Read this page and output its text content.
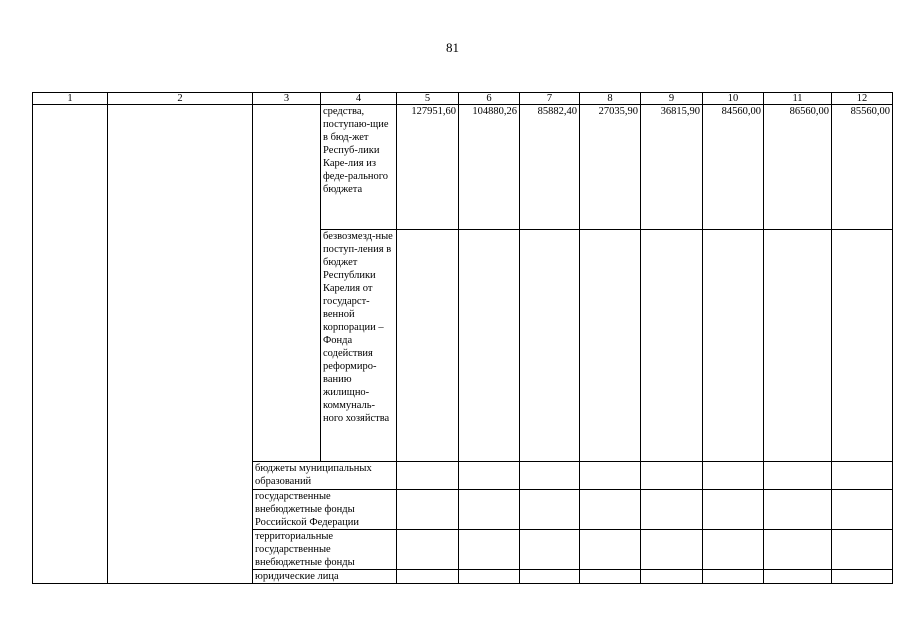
81
1	2	3	4	5	6	7	8	9	10	11	12
			средства, поступаю-щие в бюд-жет Респуб-лики Каре-лия из феде-рального бюджета	127951,60	104880,26	85882,40	27035,90	36815,90	84560,00	86560,00	85560,00
			безвозмезд-ные поступ-ления в бюджет Республики Карелия от государст-венной корпорации – Фонда содействия реформиро-ванию жилищно-коммуналь-ного хозяйства								
		бюджеты муниципальных образований									
		государственные внебюджетные фонды Российской Федерации									
		территориальные государственные внебюджетные фонды									
		юридические лица									
